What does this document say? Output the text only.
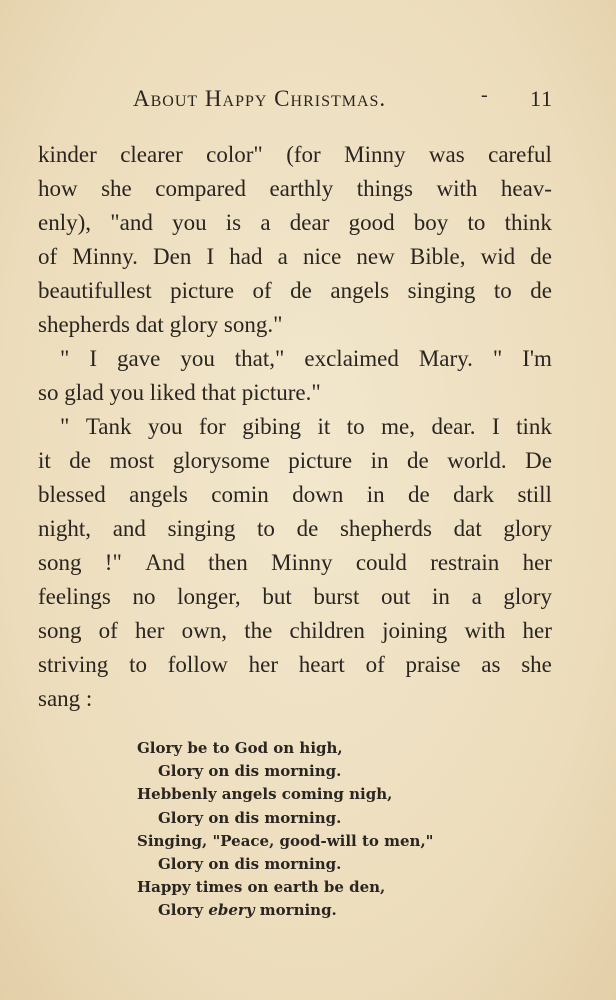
About Happy Christmas.	- 11
kinder clearer color" (for Minny was careful
how she compared earthly things with heav-
enly), "and you is a dear good boy to think
of Minny. Den I had a nice new Bible, wid de
beautifullest picture of de angels singing to de
shepherds dat glory song."
" I gave you that," exclaimed Mary. " I'm
so glad you liked that picture."
" Tank you for gibing it to me, dear. I tink
it de most glorysome picture in de world. De
blessed angels comin down in de dark still
night, and singing to de shepherds dat glory
song !" And then Minny could restrain her
feelings no longer, but burst out in a glory
song of her own, the children joining with her
striving to follow her heart of praise as she
sang :
Glory be to God on high,
Glory on dis morning.
Hebbenly angels coming nigh,
Glory on dis morning.
Singing, "Peace, good-will to men,"
Glory on dis morning.
Happy times on earth be den,
Glory ebery morning.
